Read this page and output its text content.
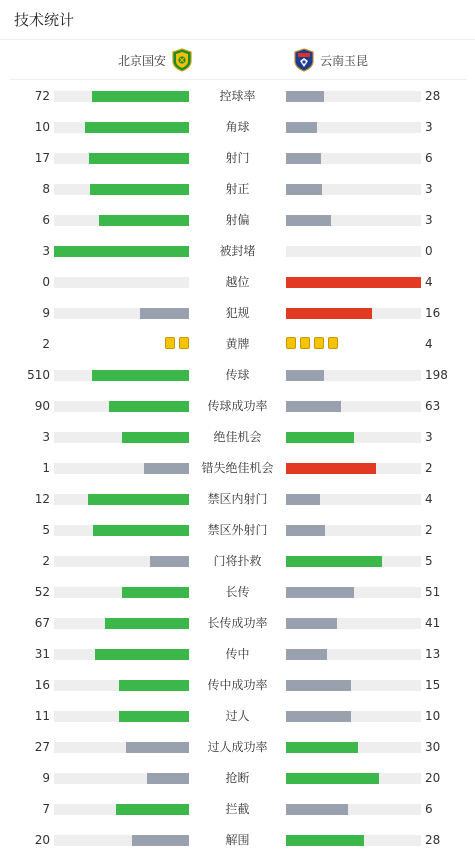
技术统计
北京国安	云南玉昆
72	控球率	28
10	角球	3
17	射门	6
8	射正	3
6	射偏	3
3	被封堵	0
0	越位	4
9	犯规	16
2	黄牌	4
510	传球	198
90	传球成功率	63
3	绝佳机会	3
1	错失绝佳机会	2
12	禁区内射门	4
5	禁区外射门	2
2	门将扑救	5
52	长传	51
67	长传成功率	41
31	传中	13
16	传中成功率	15
11	过人	10
27	过人成功率	30
9	抢断	20
7	拦截	6
20	解围	28
